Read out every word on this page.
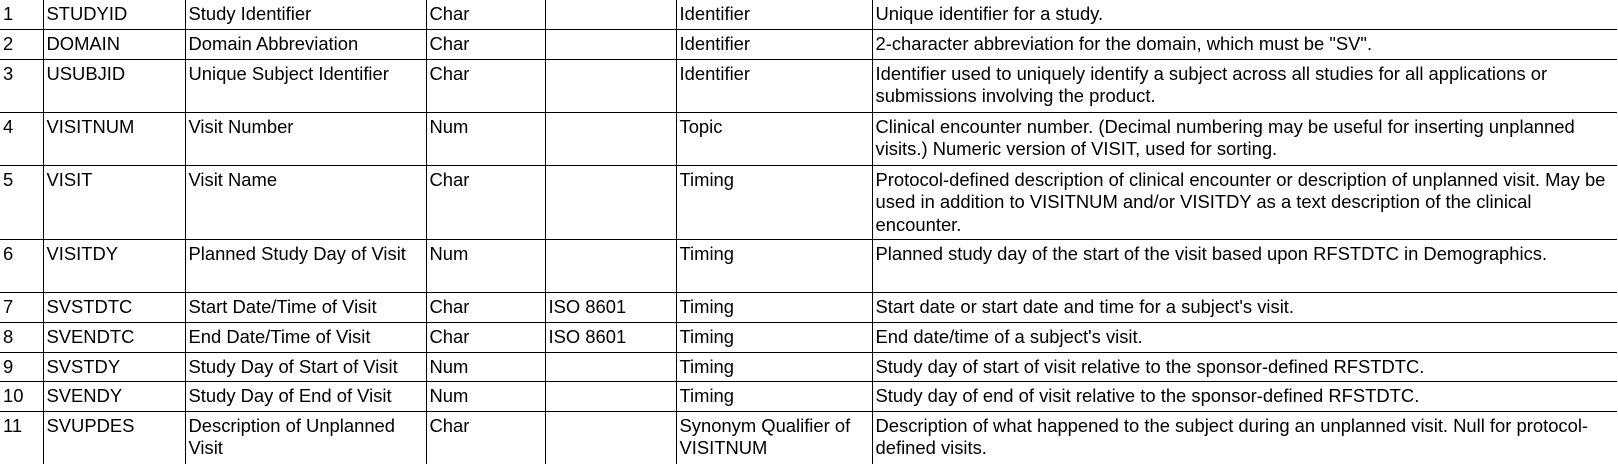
1	STUDYID	Study Identifier	Char		Identifier	Unique identifier for a study.
2	DOMAIN	Domain Abbreviation	Char		Identifier	2-character abbreviation for the domain, which must be "SV".
3	USUBJID	Unique Subject Identifier	Char		Identifier	Identifier used to uniquely identify a subject across all studies for all applications or submissions involving the product.
4	VISITNUM	Visit Number	Num		Topic	Clinical encounter number. (Decimal numbering may be useful for inserting unplanned visits.) Numeric version of VISIT, used for sorting.
5	VISIT	Visit Name	Char		Timing	Protocol-defined description of clinical encounter or description of unplanned visit. May be used in addition to VISITNUM and/or VISITDY as a text description of the clinical encounter.
6	VISITDY	Planned Study Day of Visit	Num		Timing	Planned study day of the start of the visit based upon RFSTDTC in Demographics.
7	SVSTDTC	Start Date/Time of Visit	Char	ISO 8601	Timing	Start date or start date and time for a subject's visit.
8	SVENDTC	End Date/Time of Visit	Char	ISO 8601	Timing	End date/time of a subject's visit.
9	SVSTDY	Study Day of Start of Visit	Num		Timing	Study day of start of visit relative to the sponsor-defined RFSTDTC.
10	SVENDY	Study Day of End of Visit	Num		Timing	Study day of end of visit relative to the sponsor-defined RFSTDTC.
11	SVUPDES	Description of Unplanned Visit	Char		Synonym Qualifier of VISITNUM	Description of what happened to the subject during an unplanned visit. Null for protocol-defined visits.
